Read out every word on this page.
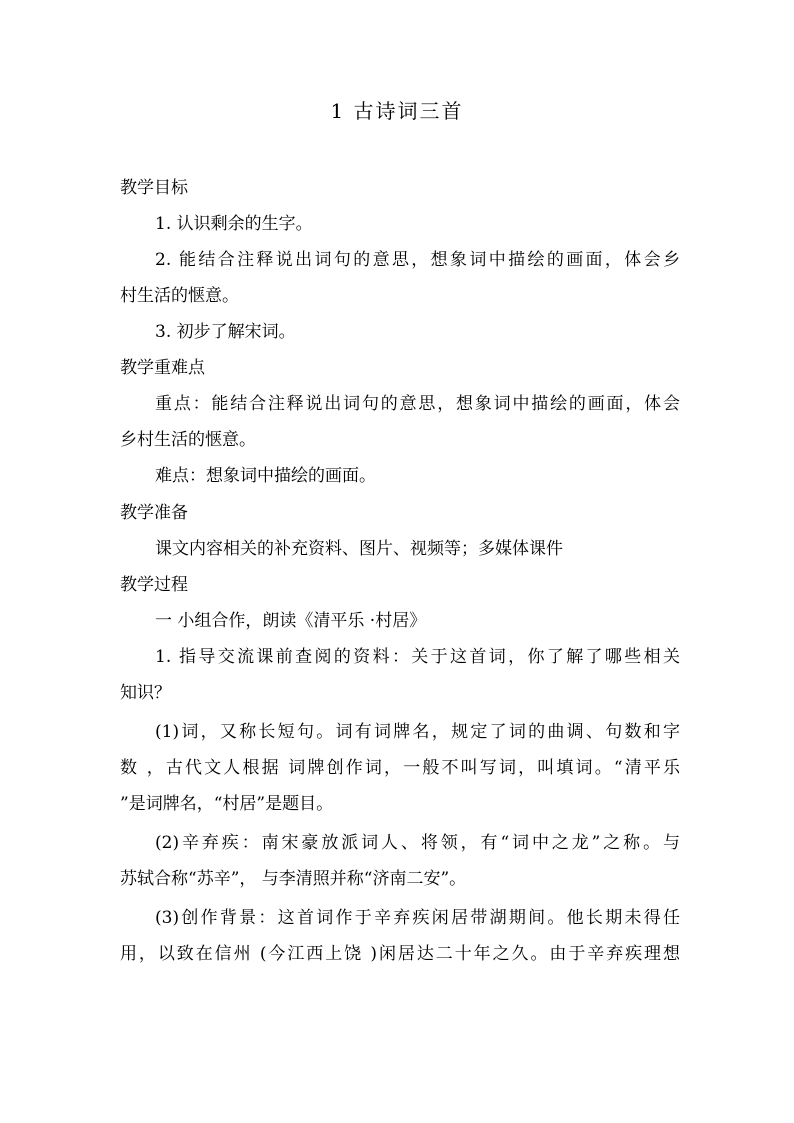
1 古诗词三首
教学目标
1. 认识剩余的生字。
2. 能结合注释说出词句的意思，想象词中描绘的画面，体会乡
村生活的惬意。
3. 初步了解宋词。
教学重难点
重点：能结合注释说出词句的意思，想象词中描绘的画面，体会
乡村生活的惬意。
难点：想象词中描绘的画面。
教学准备
课文内容相关的补充资料、图片、视频等；多媒体课件
教学过程
一 小组合作，朗读《清平乐 ·村居》
1. 指导交流课前查阅的资料：关于这首词，你了解了哪些相关
知识？
(1)词，又称长短句。词有词牌名，规定了词的曲调、句数和字
数 ，古代文人根据 词牌创作词，一般不叫写词，叫填词。“清平乐
”是词牌名，“村居”是题目。
(2)辛弃疾：南宋豪放派词人、将领，有“词中之龙”之称。与
苏轼合称“苏辛”， 与李清照并称“济南二安”。
(3)创作背景：这首词作于辛弃疾闲居带湖期间。他长期未得任
用，以致在信州 (今江西上饶 )闲居达二十年之久。由于辛弃疾理想
